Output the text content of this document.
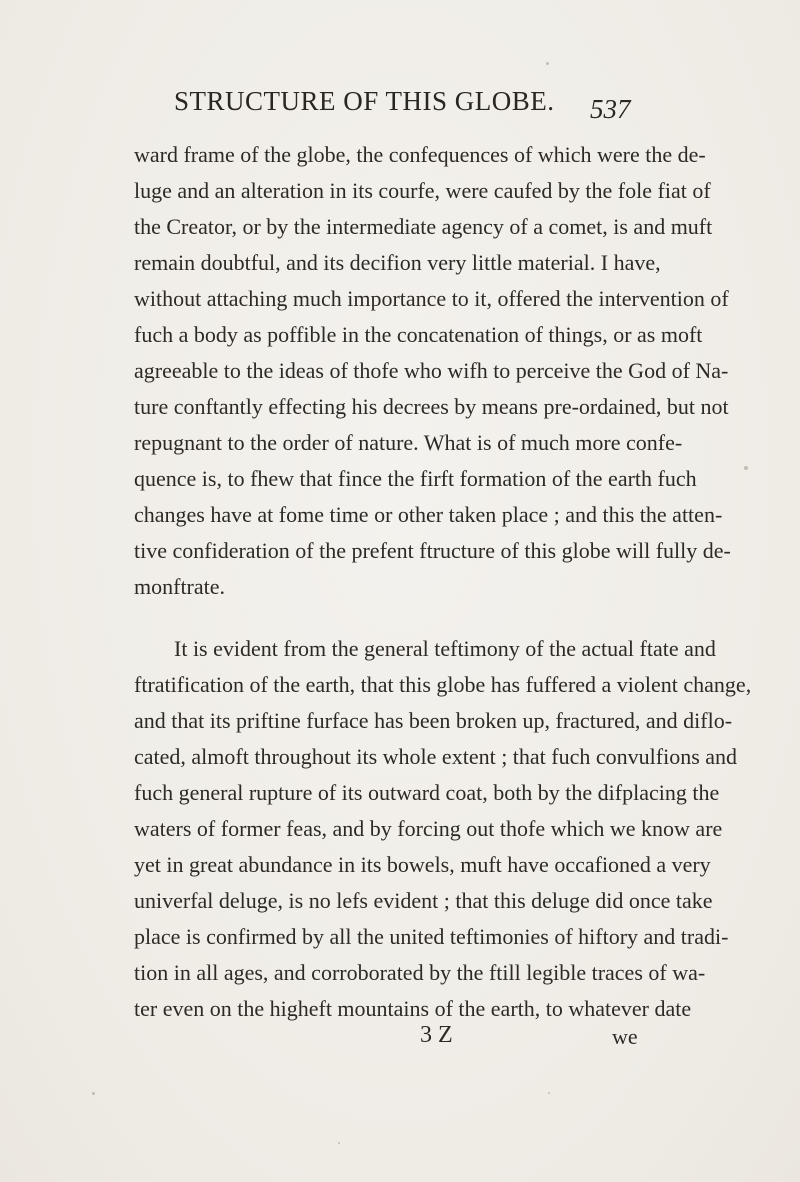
STRUCTURE OF THIS GLOBE. 537
ward frame of the globe, the confequences of which were the de-
luge and an alteration in its courfe, were caufed by the fole fiat of
the Creator, or by the intermediate agency of a comet, is and muft
remain doubtful, and its decifion very little material. I have,
without attaching much importance to it, offered the intervention of
fuch a body as poffible in the concatenation of things, or as moft
agreeable to the ideas of thofe who wifh to perceive the God of Na-
ture conftantly effecting his decrees by means pre-ordained, but not
repugnant to the order of nature. What is of much more confe-
quence is, to fhew that fince the firft formation of the earth fuch
changes have at fome time or other taken place ; and this the atten-
tive confideration of the prefent ftructure of this globe will fully de-
monftrate.
It is evident from the general teftimony of the actual ftate and
ftratification of the earth, that this globe has fuffered a violent change,
and that its priftine furface has been broken up, fractured, and diflo-
cated, almoft throughout its whole extent ; that fuch convulfions and
fuch general rupture of its outward coat, both by the difplacing the
waters of former feas, and by forcing out thofe which we know are
yet in great abundance in its bowels, muft have occafioned a very
univerfal deluge, is no lefs evident ; that this deluge did once take
place is confirmed by all the united teftimonies of hiftory and tradi-
tion in all ages, and corroborated by the ftill legible traces of wa-
ter even on the higheft mountains of the earth, to whatever date
3 Z	we
